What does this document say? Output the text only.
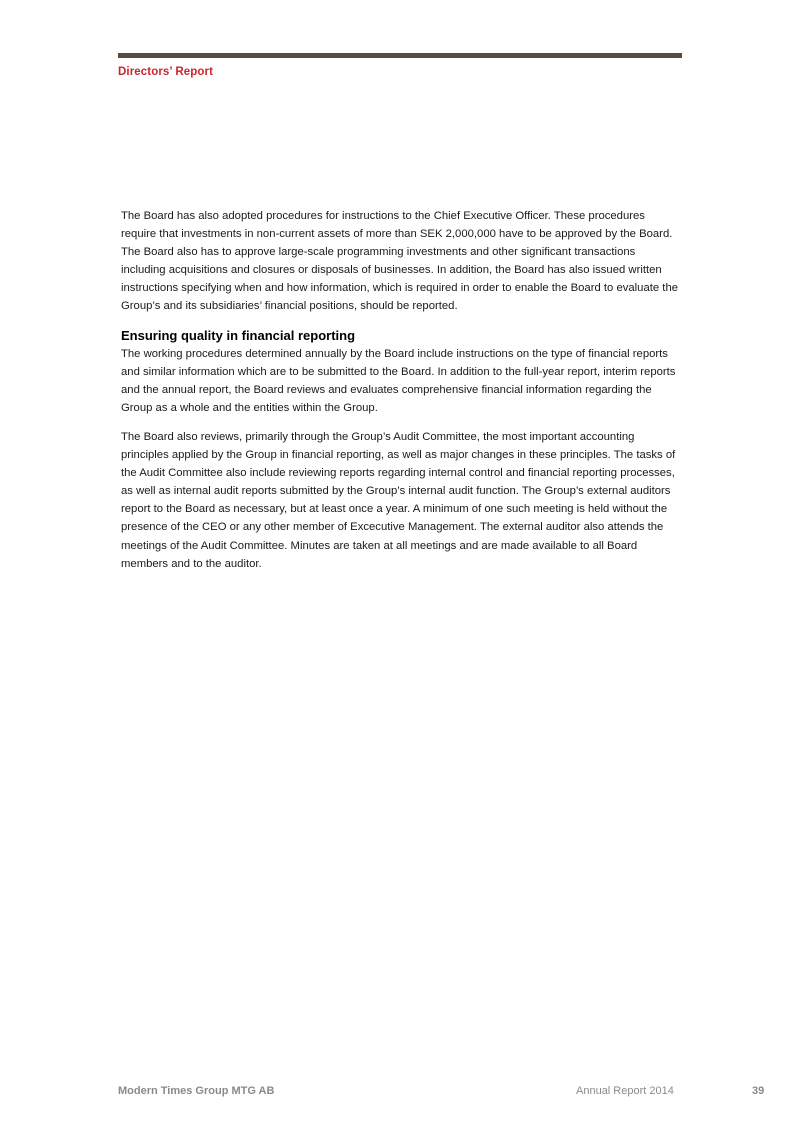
Directors’ Report

The Board has also adopted procedures for instructions to the Chief Executive Officer. These procedures require that investments in non-current assets of more than SEK 2,000,000 have to be approved by the Board. The Board also has to approve large-scale programming investments and other significant transactions including acquisitions and closures or disposals of businesses. In addition, the Board has also issued written instructions specifying when and how information, which is required in order to enable the Board to evaluate the Group’s and its subsidiaries’ financial positions, should be reported.

Ensuring quality in financial reporting

The working procedures determined annually by the Board include instructions on the type of financial reports and similar information which are to be submitted to the Board. In addition to the full-year report, interim reports and the annual report, the Board reviews and evaluates comprehensive financial information regarding the Group as a whole and the entities within the Group.

The Board also reviews, primarily through the Group’s Audit Committee, the most important accounting principles applied by the Group in financial reporting, as well as major changes in these principles. The tasks of the Audit Committee also include reviewing reports regarding internal control and financial reporting processes, as well as internal audit reports submitted by the Group’s internal audit function. The Group’s external auditors report to the Board as necessary, but at least once a year. A minimum of one such meeting is held without the presence of the CEO or any other member of Excecutive Management. The external auditor also attends the meetings of the Audit Committee. Minutes are taken at all meetings and are made available to all Board members and to the auditor.

Modern Times Group MTG AB	Annual Report 2014	39
